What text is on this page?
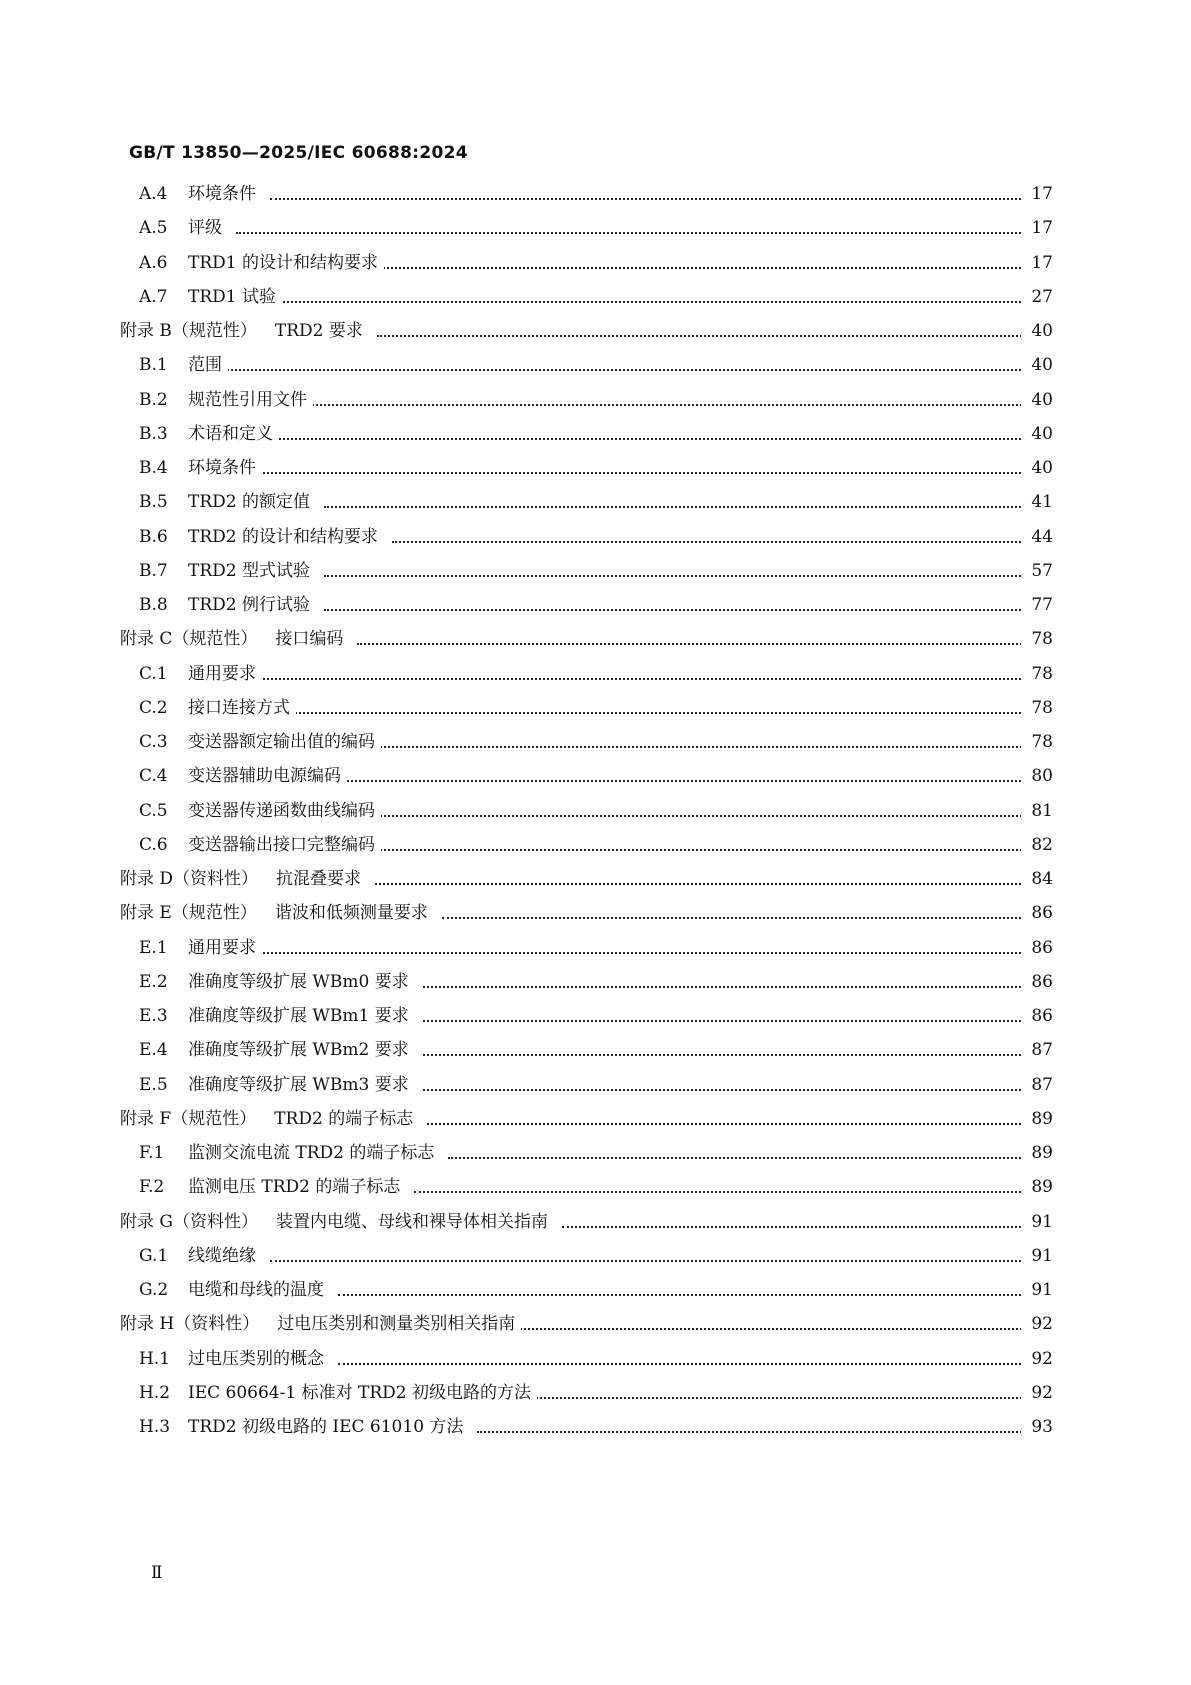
GB/T 13850—2025/IEC 60688:2024
A.4 环境条件	17
A.5 评级	17
A.6 TRD1 的设计和结构要求	17
A.7 TRD1 试验	27
附录 B（规范性） TRD2 要求	40
B.1 范围	40
B.2 规范性引用文件	40
B.3 术语和定义	40
B.4 环境条件	40
B.5 TRD2 的额定值	41
B.6 TRD2 的设计和结构要求	44
B.7 TRD2 型式试验	57
B.8 TRD2 例行试验	77
附录 C（规范性） 接口编码	78
C.1 通用要求	78
C.2 接口连接方式	78
C.3 变送器额定输出值的编码	78
C.4 变送器辅助电源编码	80
C.5 变送器传递函数曲线编码	81
C.6 变送器输出接口完整编码	82
附录 D（资料性） 抗混叠要求	84
附录 E（规范性） 谐波和低频测量要求	86
E.1 通用要求	86
E.2 准确度等级扩展 WBm0 要求	86
E.3 准确度等级扩展 WBm1 要求	86
E.4 准确度等级扩展 WBm2 要求	87
E.5 准确度等级扩展 WBm3 要求	87
附录 F（规范性） TRD2 的端子标志	89
F.1 监测交流电流 TRD2 的端子标志	89
F.2 监测电压 TRD2 的端子标志	89
附录 G（资料性） 装置内电缆、母线和裸导体相关指南	91
G.1 线缆绝缘	91
G.2 电缆和母线的温度	91
附录 H（资料性） 过电压类别和测量类别相关指南	92
H.1 过电压类别的概念	92
H.2 IEC 60664-1 标准对 TRD2 初级电路的方法	92
H.3 TRD2 初级电路的 IEC 61010 方法	93
Ⅱ
